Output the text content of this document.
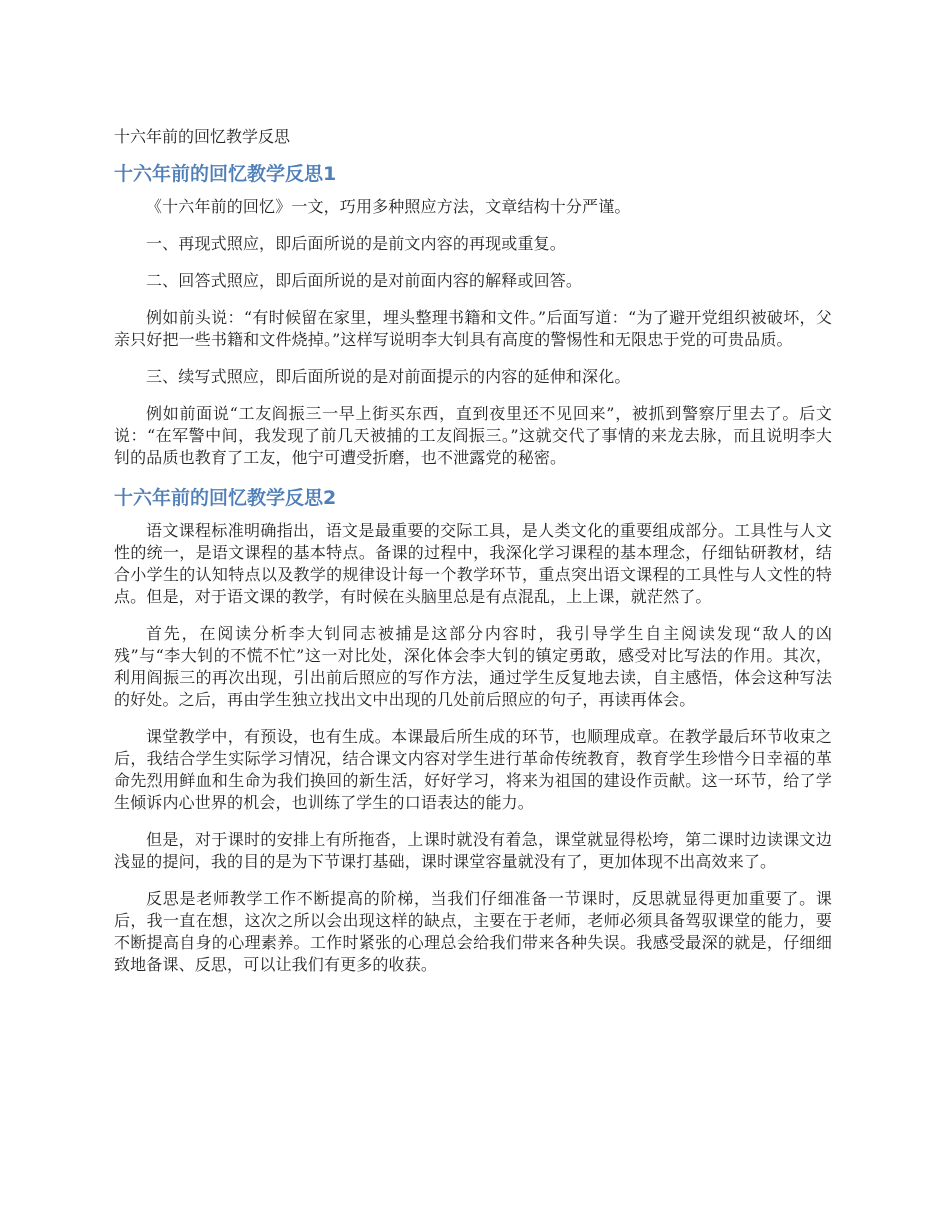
十六年前的回忆教学反思
十六年前的回忆教学反思1

《十六年前的回忆》一文，巧用多种照应方法，文章结构十分严谨。

一、再现式照应，即后面所说的是前文内容的再现或重复。

二、回答式照应，即后面所说的是对前面内容的解释或回答。

例如前头说：“有时候留在家里，埋头整理书籍和文件。”后面写道：“为了避开党组织被破坏，父亲只好把一些书籍和文件烧掉。”这样写说明李大钊具有高度的警惕性和无限忠于党的可贵品质。

三、续写式照应，即后面所说的是对前面提示的内容的延伸和深化。

例如前面说“工友阎振三一早上街买东西，直到夜里还不见回来”，被抓到警察厅里去了。后文说：“在军警中间，我发现了前几天被捕的工友阎振三。”这就交代了事情的来龙去脉，而且说明李大钊的品质也教育了工友，他宁可遭受折磨，也不泄露党的秘密。

十六年前的回忆教学反思2

语文课程标准明确指出，语文是最重要的交际工具，是人类文化的重要组成部分。工具性与人文性的统一，是语文课程的基本特点。备课的过程中，我深化学习课程的基本理念，仔细钻研教材，结合小学生的认知特点以及教学的规律设计每一个教学环节，重点突出语文课程的工具性与人文性的特点。但是，对于语文课的教学，有时候在头脑里总是有点混乱，上上课，就茫然了。

首先，在阅读分析李大钊同志被捕是这部分内容时，我引导学生自主阅读发现“敌人的凶残”与“李大钊的不慌不忙”这一对比处，深化体会李大钊的镇定勇敢，感受对比写法的作用。其次，利用阎振三的再次出现，引出前后照应的写作方法，通过学生反复地去读，自主感悟，体会这种写法的好处。之后，再由学生独立找出文中出现的几处前后照应的句子，再读再体会。

课堂教学中，有预设，也有生成。本课最后所生成的环节，也顺理成章。在教学最后环节收束之后，我结合学生实际学习情况，结合课文内容对学生进行革命传统教育，教育学生珍惜今日幸福的革命先烈用鲜血和生命为我们换回的新生活，好好学习，将来为祖国的建设作贡献。这一环节，给了学生倾诉内心世界的机会，也训练了学生的口语表达的能力。

但是，对于课时的安排上有所拖沓，上课时就没有着急，课堂就显得松垮，第二课时边读课文边浅显的提问，我的目的是为下节课打基础，课时课堂容量就没有了，更加体现不出高效来了。

反思是老师教学工作不断提高的阶梯，当我们仔细准备一节课时，反思就显得更加重要了。课后，我一直在想，这次之所以会出现这样的缺点，主要在于老师，老师必须具备驾驭课堂的能力，要不断提高自身的心理素养。工作时紧张的心理总会给我们带来各种失误。我感受最深的就是，仔细细致地备课、反思，可以让我们有更多的收获。
